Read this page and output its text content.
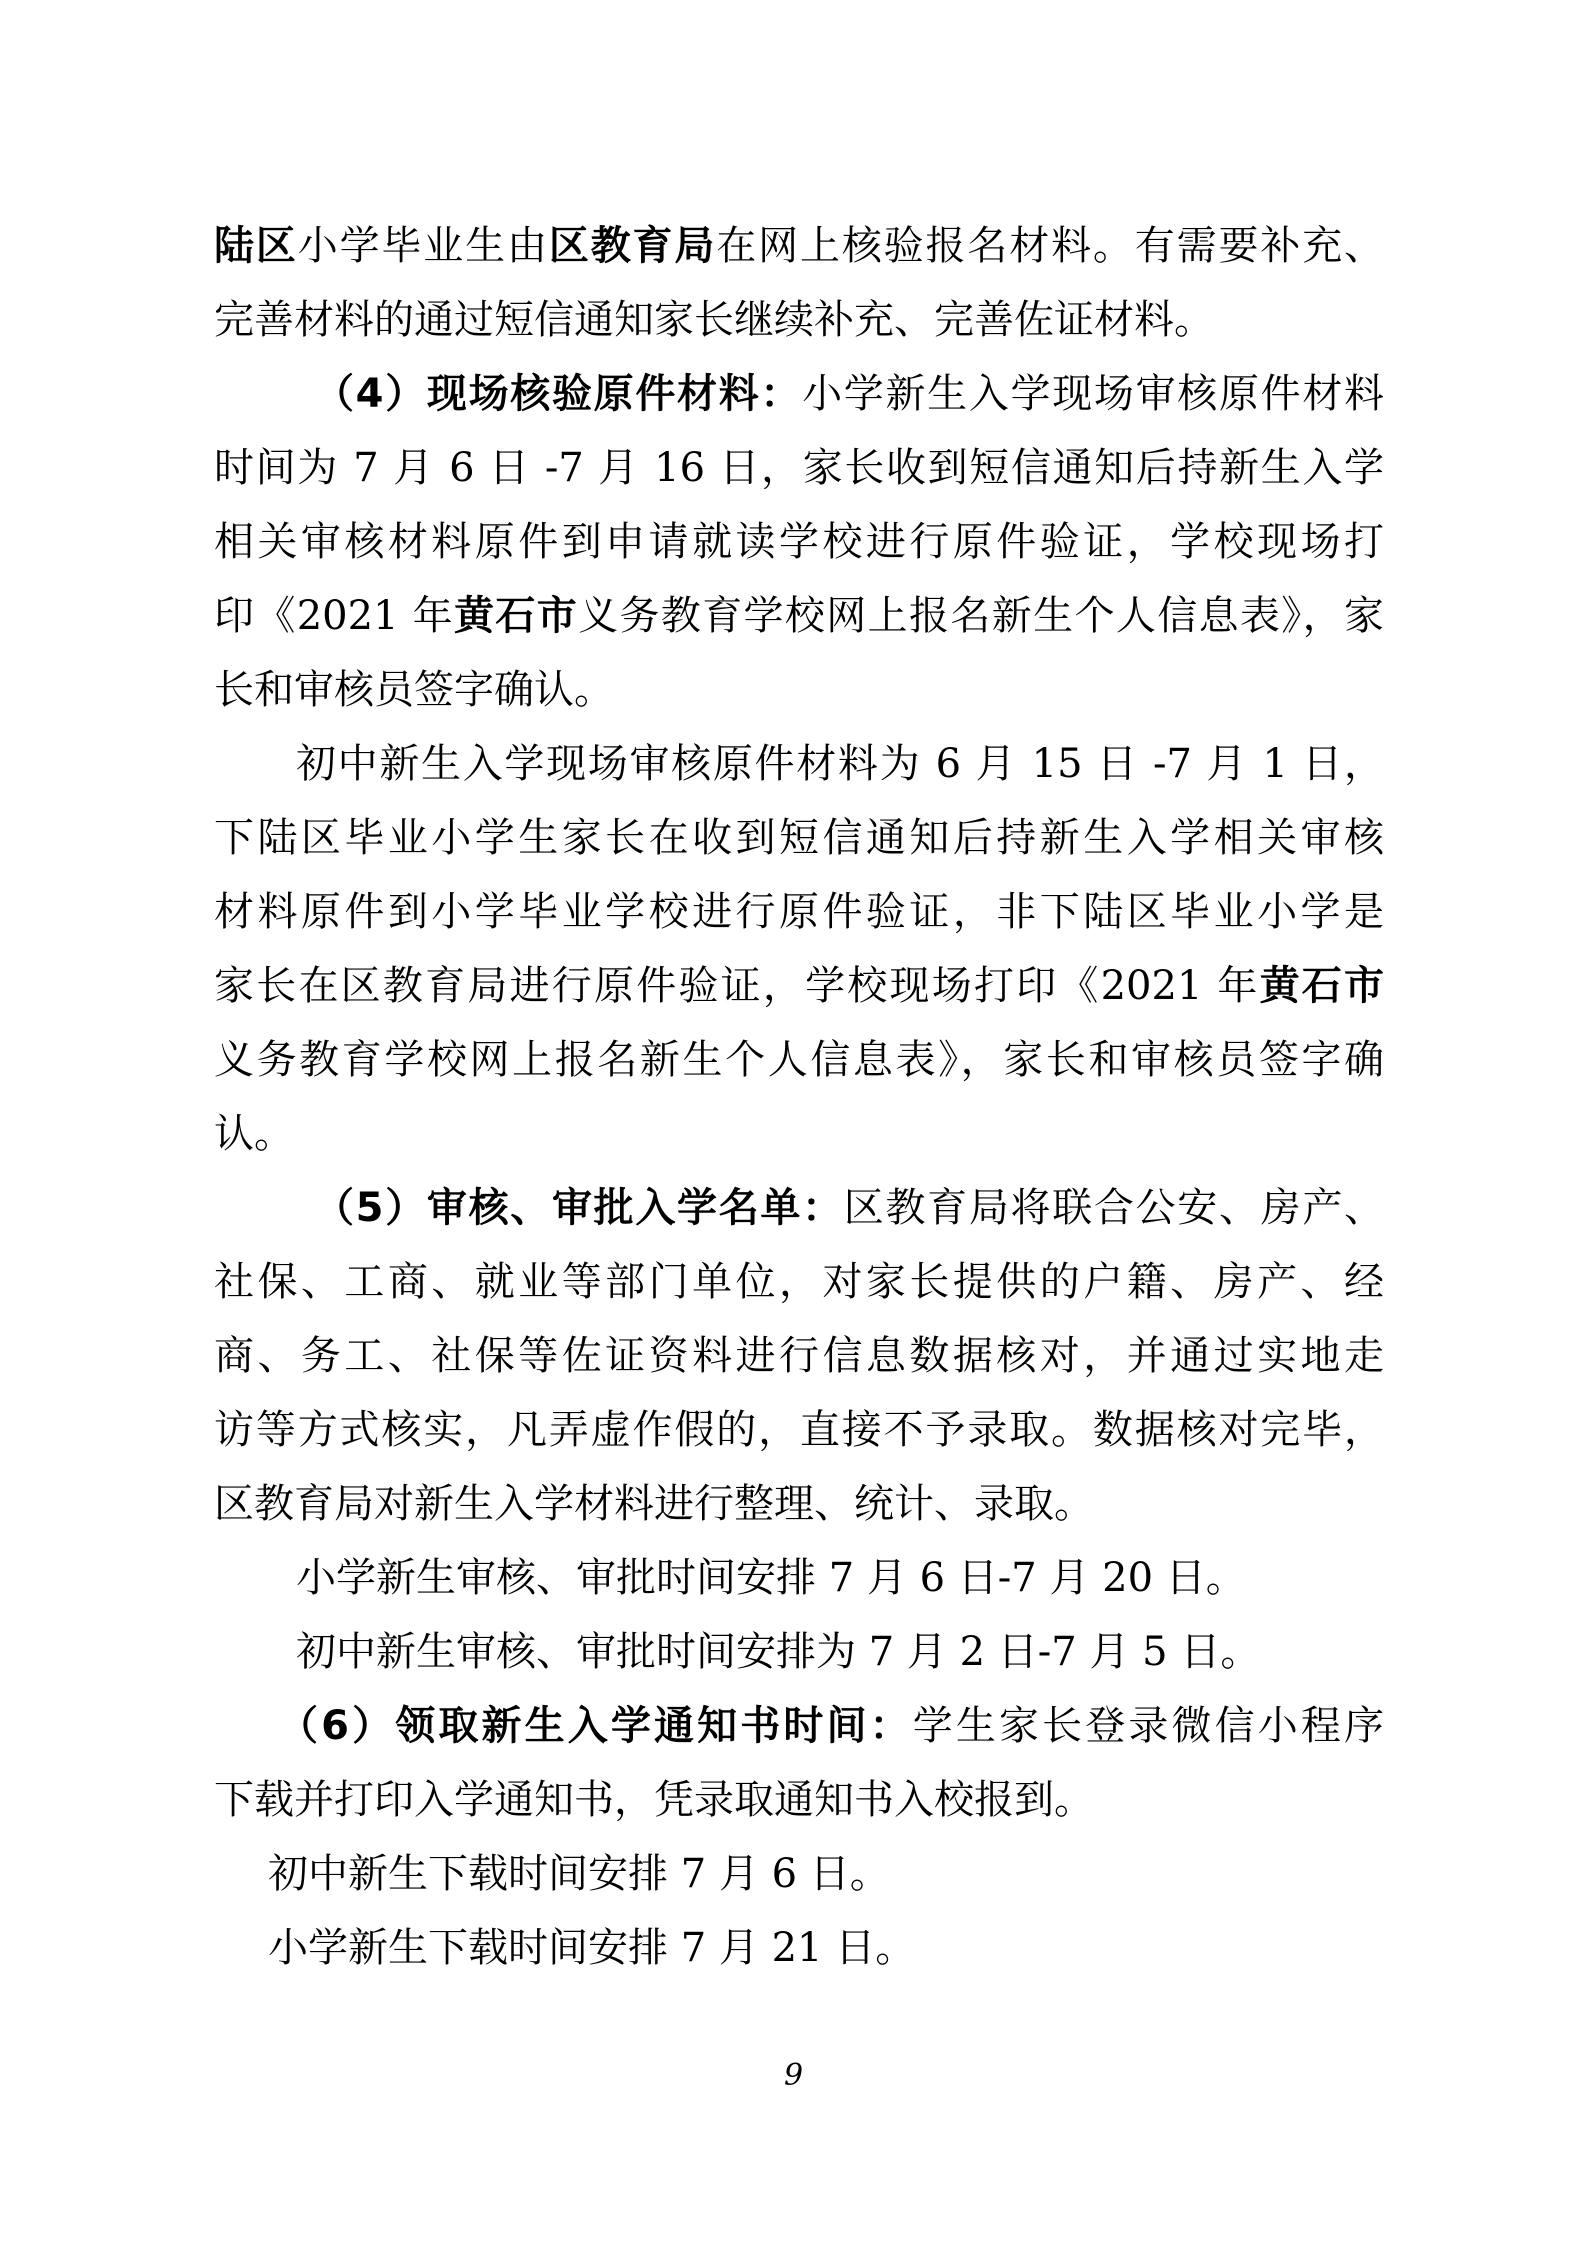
陆区小学毕业生由区教育局在网上核验报名材料。有需要补充、

完善材料的通过短信通知家长继续补充、完善佐证材料。

（4）现场核验原件材料：小学新生入学现场审核原件材料

时间为 7 月 6 日 -7 月 16 日，家长收到短信通知后持新生入学

相关审核材料原件到申请就读学校进行原件验证，学校现场打

印《2021 年黄石市义务教育学校网上报名新生个人信息表》，家

长和审核员签字确认。

初中新生入学现场审核原件材料为 6 月 15 日 -7 月 1 日，

下陆区毕业小学生家长在收到短信通知后持新生入学相关审核

材料原件到小学毕业学校进行原件验证，非下陆区毕业小学是

家长在区教育局进行原件验证，学校现场打印《2021 年黄石市

义务教育学校网上报名新生个人信息表》，家长和审核员签字确

认。

（5）审核、审批入学名单：区教育局将联合公安、房产、

社保、工商、就业等部门单位，对家长提供的户籍、房产、经

商、务工、社保等佐证资料进行信息数据核对，并通过实地走

访等方式核实，凡弄虚作假的，直接不予录取。数据核对完毕，

区教育局对新生入学材料进行整理、统计、录取。

小学新生审核、审批时间安排 7 月 6 日-7 月 20 日。

初中新生审核、审批时间安排为 7 月 2 日-7 月 5 日。

（6）领取新生入学通知书时间：学生家长登录微信小程序

下载并打印入学通知书，凭录取通知书入校报到。

初中新生下载时间安排 7 月 6 日。

小学新生下载时间安排 7 月 21 日。

9
